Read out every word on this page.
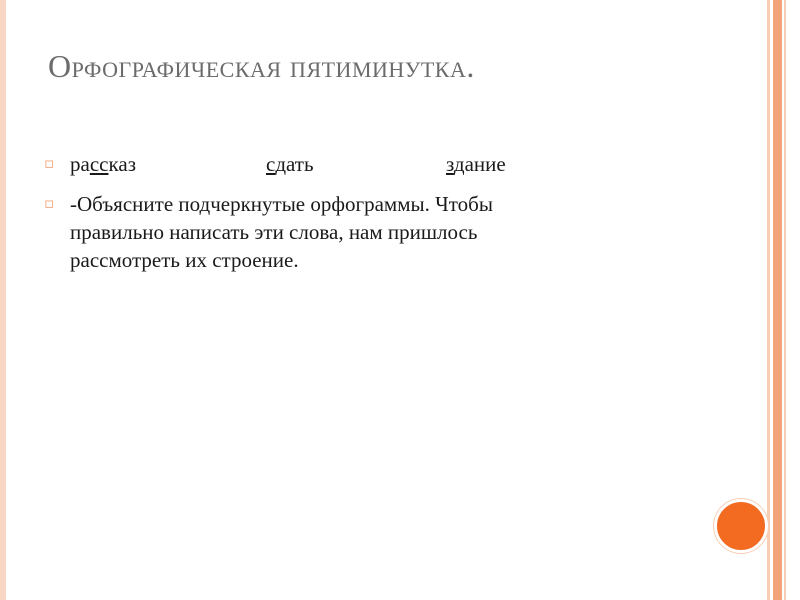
Орфографическая пятиминутка.
▫ рассказ	сдать	здание
▫ -Объясните подчеркнутые орфограммы. Чтобы
правильно написать эти слова, нам пришлось
рассмотреть их строение.
